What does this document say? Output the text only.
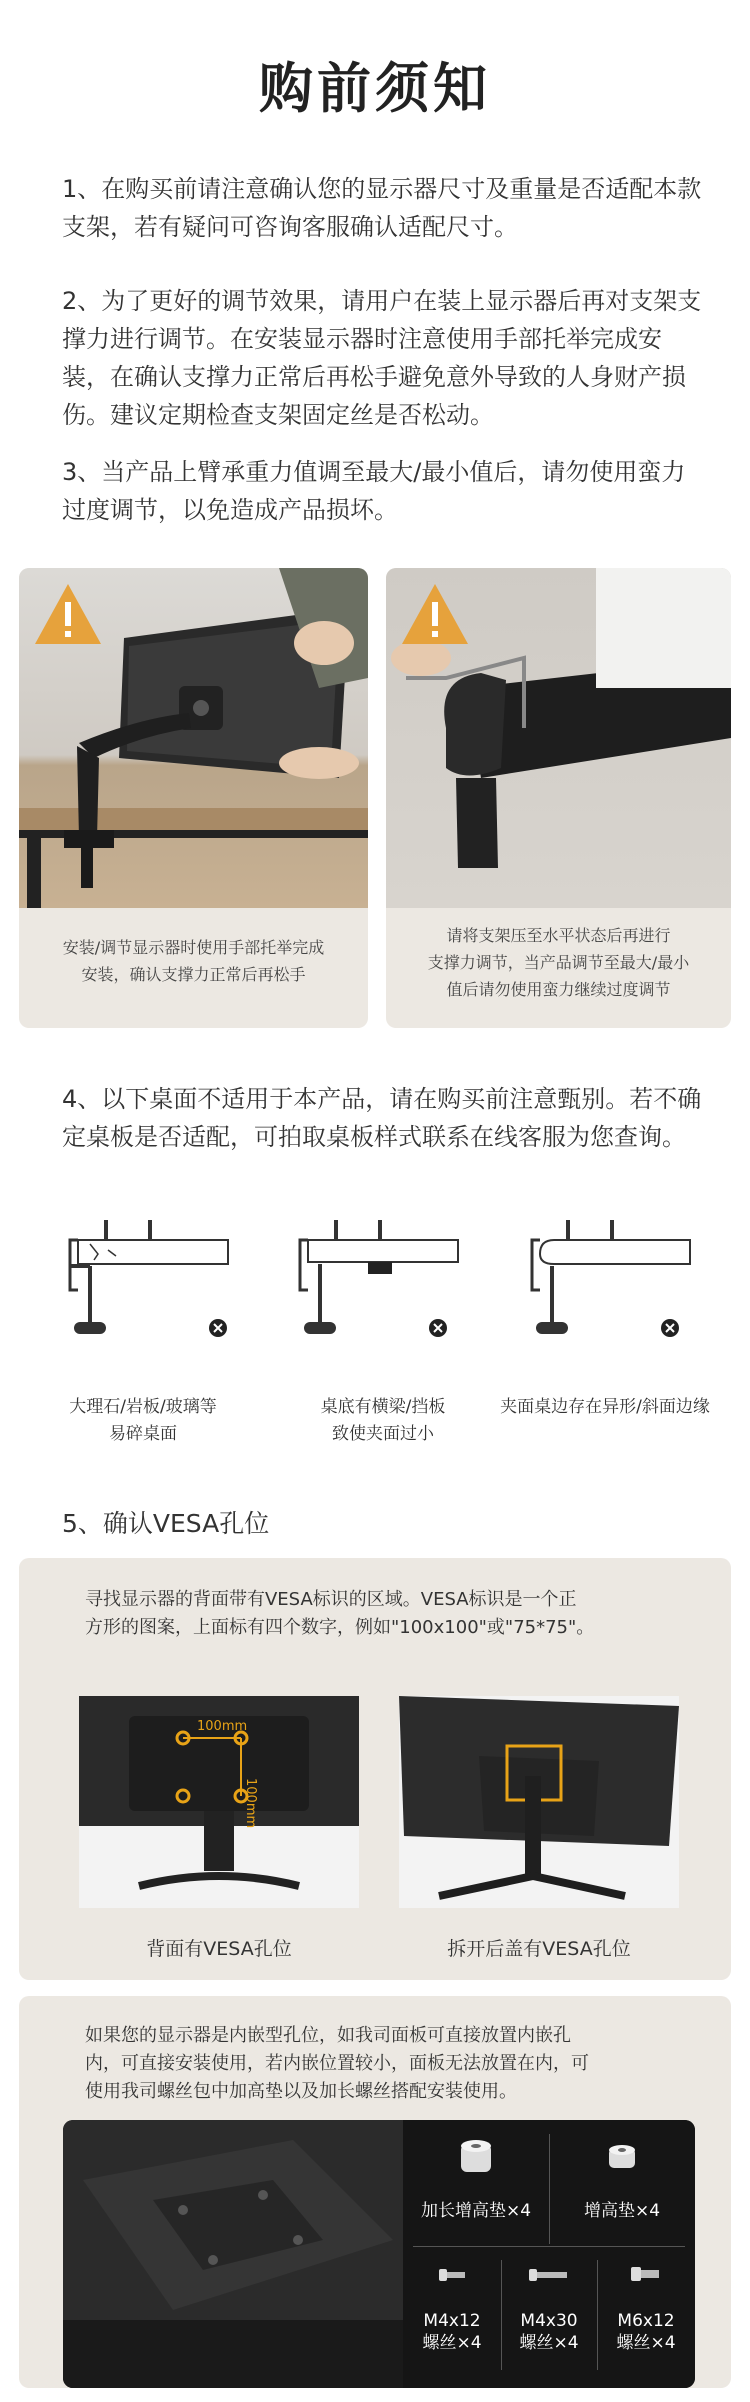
购前须知
1、在购买前请注意确认您的显示器尺寸及重量是否适配本款支架，若有疑问可咨询客服确认适配尺寸。
2、为了更好的调节效果，请用户在装上显示器后再对支架支撑力进行调节。在安装显示器时注意使用手部托举完成安装，在确认支撑力正常后再松手避免意外导致的人身财产损伤。建议定期检查支架固定丝是否松动。
3、当产品上臂承重力值调至最大/最小值后，请勿使用蛮力过度调节，以免造成产品损坏。
安装/调节显示器时使用手部托举完成
安装，确认支撑力正常后再松手
请将支架压至水平状态后再进行
支撑力调节，当产品调节至最大/最小
值后请勿使用蛮力继续过度调节
4、以下桌面不适用于本产品，请在购买前注意甄别。若不确定桌板是否适配，可拍取桌板样式联系在线客服为您查询。
大理石/岩板/玻璃等
易碎桌面
桌底有横梁/挡板
致使夹面过小
夹面桌边存在异形/斜面边缘
5、确认VESA孔位
寻找显示器的背面带有VESA标识的区域。VESA标识是一个正
方形的图案，上面标有四个数字，例如"100x100"或"75*75"。
100mm
100mm
背面有VESA孔位	拆开后盖有VESA孔位
如果您的显示器是内嵌型孔位，如我司面板可直接放置内嵌孔
内，可直接安装使用，若内嵌位置较小，面板无法放置在内，可
使用我司螺丝包中加高垫以及加长螺丝搭配安装使用。
加长增高垫×4	增高垫×4
M4x12
螺丝×4
M4x30
螺丝×4
M6x12
螺丝×4
